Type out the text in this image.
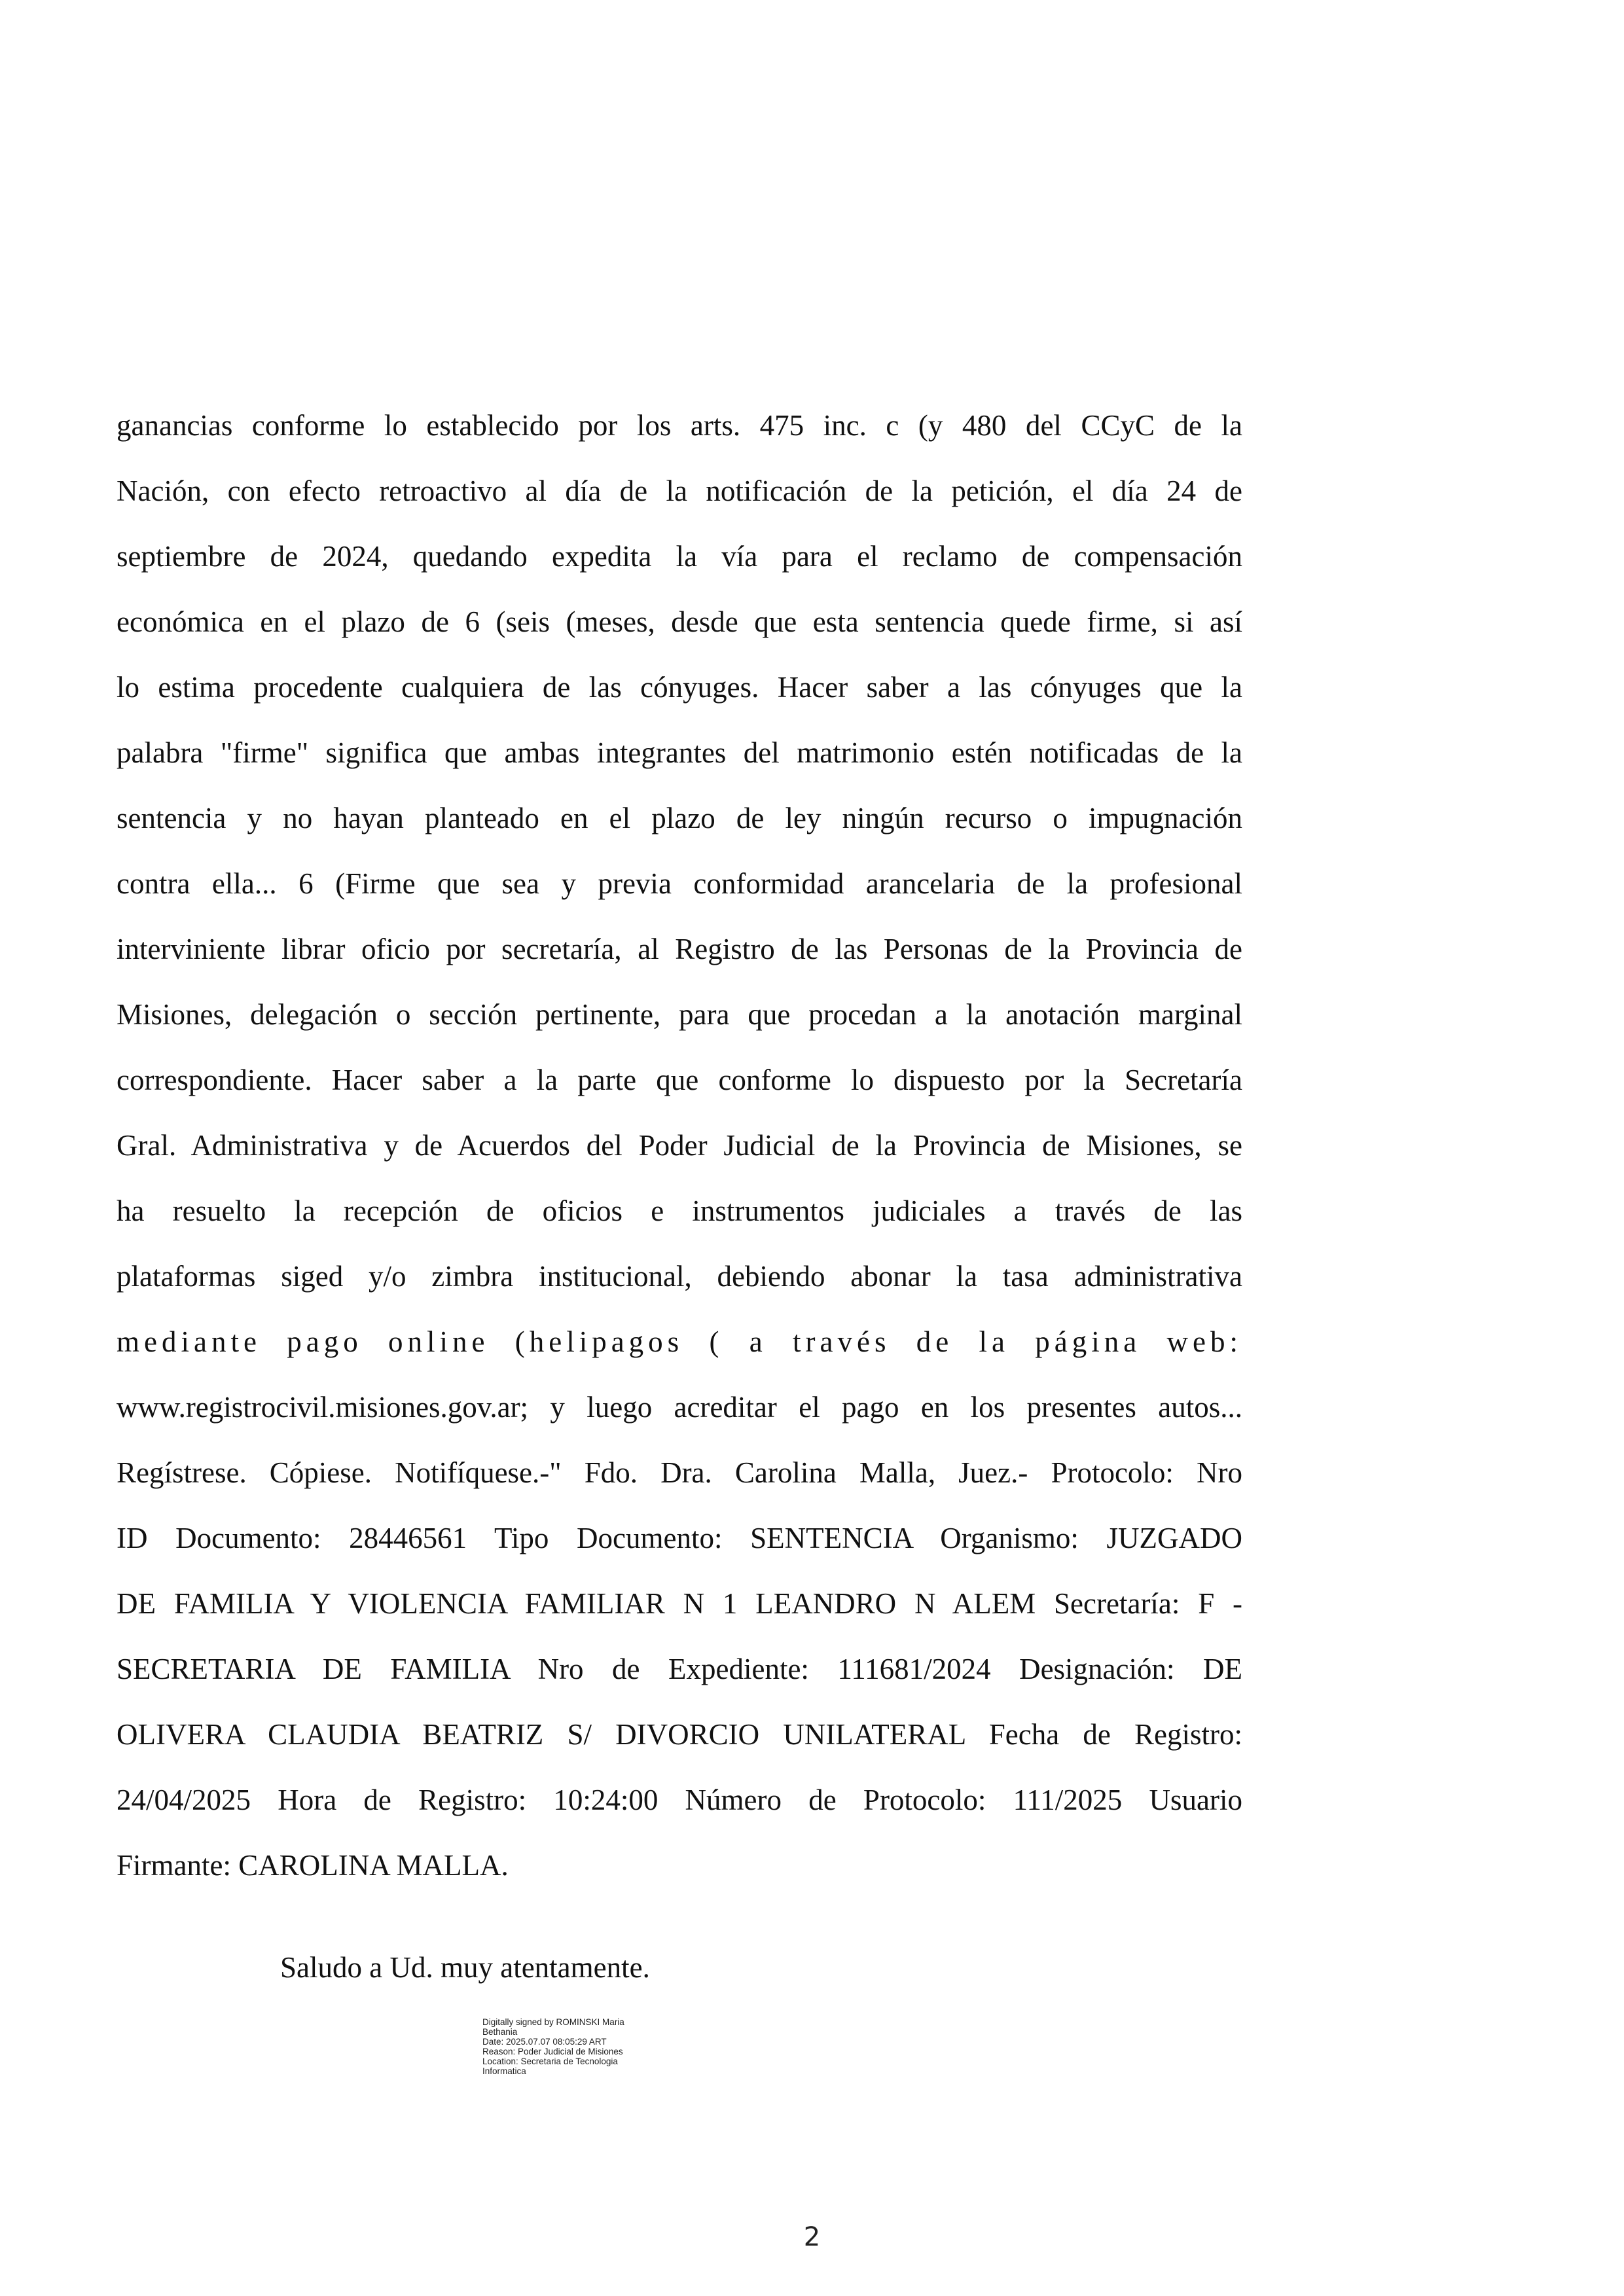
ganancias conforme lo establecido por los arts. 475 inc. c (y 480 del CCyC de la
Nación, con efecto retroactivo al día de la notificación de la petición, el día 24 de
septiembre de 2024, quedando expedita la vía para el reclamo de compensación
económica en el plazo de 6 (seis (meses, desde que esta sentencia quede firme, si así
lo estima procedente cualquiera de las cónyuges. Hacer saber a las cónyuges que la
palabra "firme" significa que ambas integrantes del matrimonio estén notificadas de la
sentencia y no hayan planteado en el plazo de ley ningún recurso o impugnación
contra ella... 6 (Firme que sea y previa conformidad arancelaria de la profesional
interviniente librar oficio por secretaría, al Registro de las Personas de la Provincia de
Misiones, delegación o sección pertinente, para que procedan a la anotación marginal
correspondiente. Hacer saber a la parte que conforme lo dispuesto por la Secretaría
Gral. Administrativa y de Acuerdos del Poder Judicial de la Provincia de Misiones, se
ha resuelto la recepción de oficios e instrumentos judiciales a través de las
plataformas siged y/o zimbra institucional, debiendo abonar la tasa administrativa
mediante pago online (helipagos ( a través de la página web:
www.registrocivil.misiones.gov.ar; y luego acreditar el pago en los presentes autos...
Regístrese. Cópiese. Notifíquese.-" Fdo. Dra. Carolina Malla, Juez.- Protocolo: Nro
ID Documento: 28446561 Tipo Documento: SENTENCIA Organismo: JUZGADO
DE FAMILIA Y VIOLENCIA FAMILIAR N 1 LEANDRO N ALEM Secretaría: F -
SECRETARIA DE FAMILIA Nro de Expediente: 111681/2024 Designación: DE
OLIVERA CLAUDIA BEATRIZ S/ DIVORCIO UNILATERAL Fecha de Registro:
24/04/2025 Hora de Registro: 10:24:00 Número de Protocolo: 111/2025 Usuario
Firmante: CAROLINA MALLA.
Saludo a Ud. muy atentamente.
Digitally signed by ROMINSKI Maria
Bethania
Date: 2025.07.07 08:05:29 ART
Reason: Poder Judicial de Misiones
Location: Secretaria de Tecnologia
Informatica
2
